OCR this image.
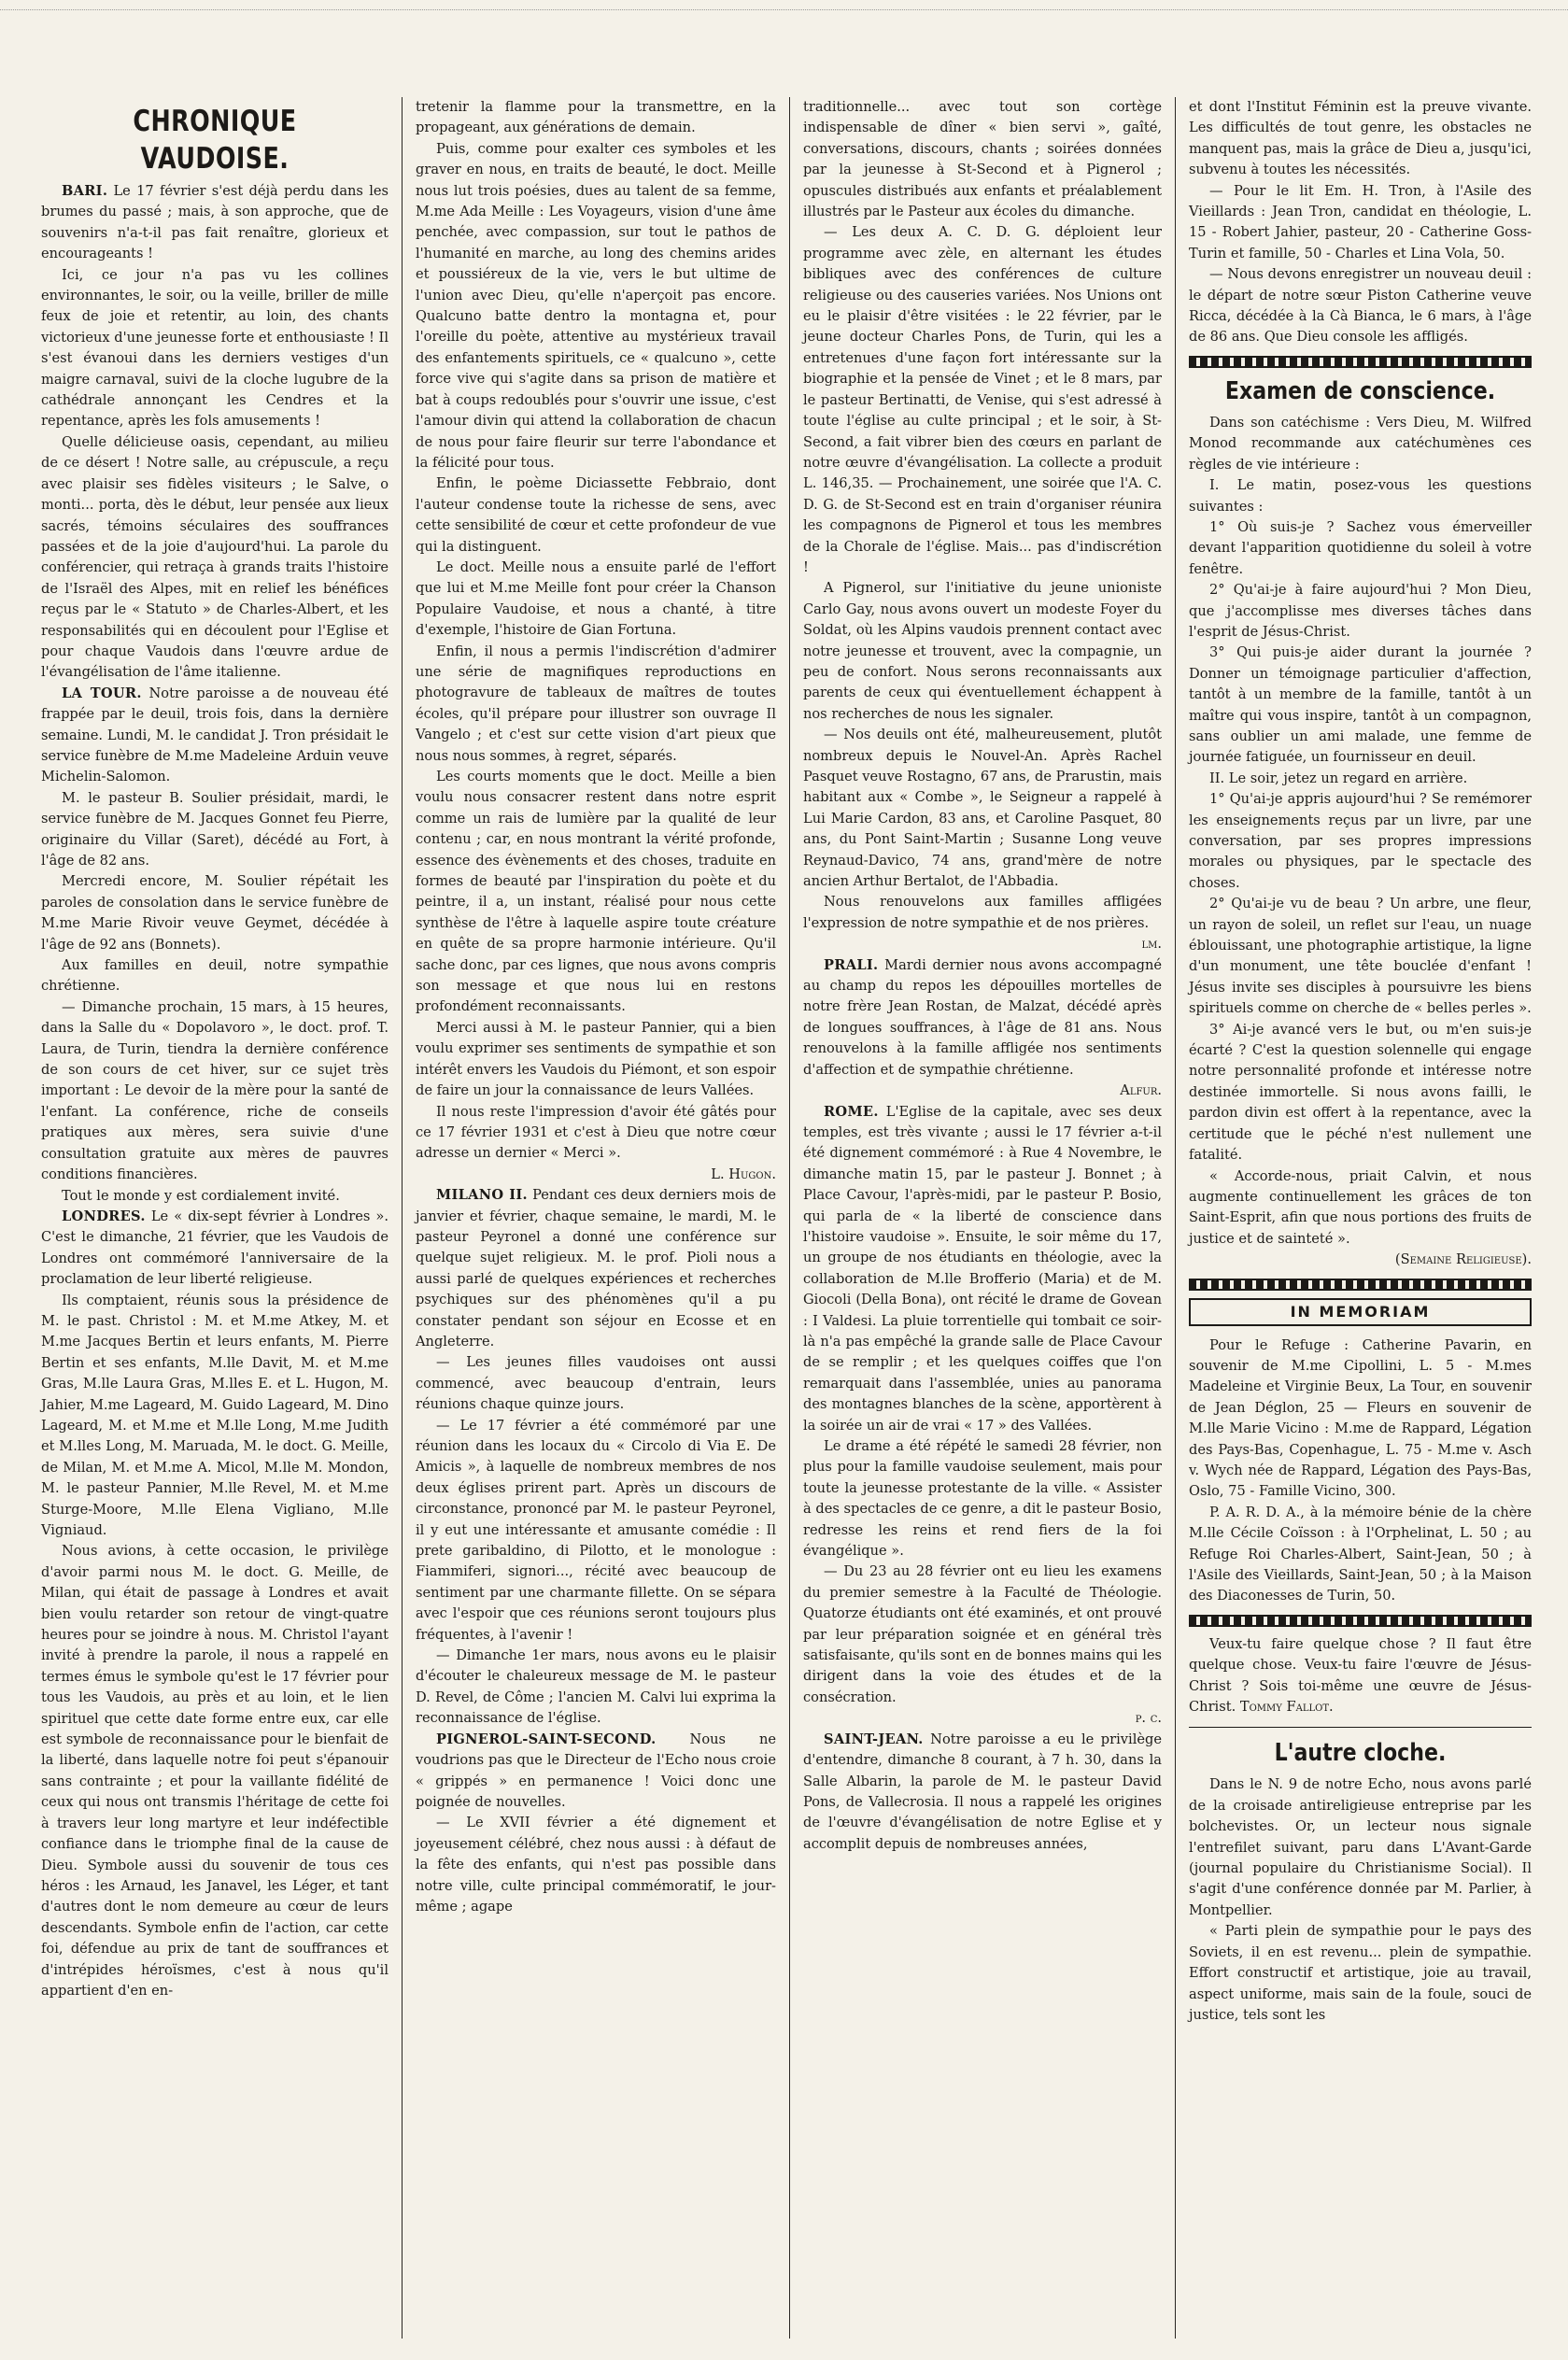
CHRONIQUE VAUDOISE.

BARI. Le 17 février s'est déjà perdu dans les brumes du passé ; mais, à son approche, que de souvenirs n'a-t-il pas fait renaître, glorieux et encourageants !

Ici, ce jour n'a pas vu les collines environnantes, le soir, ou la veille, briller de mille feux de joie et retentir, au loin, des chants victorieux d'une jeunesse forte et enthousiaste ! Il s'est évanoui dans les derniers vestiges d'un maigre carnaval, suivi de la cloche lugubre de la cathédrale annonçant les Cendres et la repentance, après les fols amusements !

Quelle délicieuse oasis, cependant, au milieu de ce désert ! Notre salle, au crépuscule, a reçu avec plaisir ses fidèles visiteurs ; le Salve, o monti... porta, dès le début, leur pensée aux lieux sacrés, témoins séculaires des souffrances passées et de la joie d'aujourd'hui. La parole du conférencier, qui retraça à grands traits l'histoire de l'Israël des Alpes, mit en relief les bénéfices reçus par le « Statuto » de Charles-Albert, et les responsabilités qui en découlent pour l'Eglise et pour chaque Vaudois dans l'œuvre ardue de l'évangélisation de l'âme italienne.

LA TOUR. Notre paroisse a de nouveau été frappée par le deuil, trois fois, dans la dernière semaine. Lundi, M. le candidat J. Tron présidait le service funèbre de M.me Madeleine Arduin veuve Michelin-Salomon.

M. le pasteur B. Soulier présidait, mardi, le service funèbre de M. Jacques Gonnet feu Pierre, originaire du Villar (Saret), décédé au Fort, à l'âge de 82 ans.

Mercredi encore, M. Soulier répétait les paroles de consolation dans le service funèbre de M.me Marie Rivoir veuve Geymet, décédée à l'âge de 92 ans (Bonnets).

Aux familles en deuil, notre sympathie chrétienne.

— Dimanche prochain, 15 mars, à 15 heures, dans la Salle du « Dopolavoro », le doct. prof. T. Laura, de Turin, tiendra la dernière conférence de son cours de cet hiver, sur ce sujet très important : Le devoir de la mère pour la santé de l'enfant. La conférence, riche de conseils pratiques aux mères, sera suivie d'une consultation gratuite aux mères de pauvres conditions financières.

Tout le monde y est cordialement invité.

LONDRES. Le « dix-sept février à Londres ». C'est le dimanche, 21 février, que les Vaudois de Londres ont commémoré l'anniversaire de la proclamation de leur liberté religieuse.

Ils comptaient, réunis sous la présidence de M. le past. Christol : M. et M.me Atkey, M. et M.me Jacques Bertin et leurs enfants, M. Pierre Bertin et ses enfants, M.lle Davit, M. et M.me Gras, M.lle Laura Gras, M.lles E. et L. Hugon, M. Jahier, M.me Lageard, M. Guido Lageard, M. Dino Lageard, M. et M.me et M.lle Long, M.me Judith et M.lles Long, M. Maruada, M. le doct. G. Meille, de Milan, M. et M.me A. Micol, M.lle M. Mondon, M. le pasteur Pannier, M.lle Revel, M. et M.me Sturge-Moore, M.lle Elena Vigliano, M.lle Vigniaud.

Nous avions, à cette occasion, le privilège d'avoir parmi nous M. le doct. G. Meille, de Milan, qui était de passage à Londres et avait bien voulu retarder son retour de vingt-quatre heures pour se joindre à nous. M. Christol l'ayant invité à prendre la parole, il nous a rappelé en termes émus le symbole qu'est le 17 février pour tous les Vaudois, au près et au loin, et le lien spirituel que cette date forme entre eux, car elle est symbole de reconnaissance pour le bienfait de la liberté, dans laquelle notre foi peut s'épanouir sans contrainte ; et pour la vaillante fidélité de ceux qui nous ont transmis l'héritage de cette foi à travers leur long martyre et leur indéfectible confiance dans le triomphe final de la cause de Dieu. Symbole aussi du souvenir de tous ces héros : les Arnaud, les Janavel, les Léger, et tant d'autres dont le nom demeure au cœur de leurs descendants. Symbole enfin de l'action, car cette foi, défendue au prix de tant de souffrances et d'intrépides héroïsmes, c'est à nous qu'il appartient d'en en-

tretenir la flamme pour la transmettre, en la propageant, aux générations de demain.

Puis, comme pour exalter ces symboles et les graver en nous, en traits de beauté, le doct. Meille nous lut trois poésies, dues au talent de sa femme, M.me Ada Meille : Les Voyageurs, vision d'une âme penchée, avec compassion, sur tout le pathos de l'humanité en marche, au long des chemins arides et poussiéreux de la vie, vers le but ultime de l'union avec Dieu, qu'elle n'aperçoit pas encore. Qualcuno batte dentro la montagna et, pour l'oreille du poète, attentive au mystérieux travail des enfantements spirituels, ce « qualcuno », cette force vive qui s'agite dans sa prison de matière et bat à coups redoublés pour s'ouvrir une issue, c'est l'amour divin qui attend la collaboration de chacun de nous pour faire fleurir sur terre l'abondance et la félicité pour tous.

Enfin, le poème Diciassette Febbraio, dont l'auteur condense toute la richesse de sens, avec cette sensibilité de cœur et cette profondeur de vue qui la distinguent.

Le doct. Meille nous a ensuite parlé de l'effort que lui et M.me Meille font pour créer la Chanson Populaire Vaudoise, et nous a chanté, à titre d'exemple, l'histoire de Gian Fortuna.

Enfin, il nous a permis l'indiscrétion d'admirer une série de magnifiques reproductions en photogravure de tableaux de maîtres de toutes écoles, qu'il prépare pour illustrer son ouvrage Il Vangelo ; et c'est sur cette vision d'art pieux que nous nous sommes, à regret, séparés.

Les courts moments que le doct. Meille a bien voulu nous consacrer restent dans notre esprit comme un rais de lumière par la qualité de leur contenu ; car, en nous montrant la vérité profonde, essence des évènements et des choses, traduite en formes de beauté par l'inspiration du poète et du peintre, il a, un instant, réalisé pour nous cette synthèse de l'être à laquelle aspire toute créature en quête de sa propre harmonie intérieure. Qu'il sache donc, par ces lignes, que nous avons compris son message et que nous lui en restons profondément reconnaissants.

Merci aussi à M. le pasteur Pannier, qui a bien voulu exprimer ses sentiments de sympathie et son intérêt envers les Vaudois du Piémont, et son espoir de faire un jour la connaissance de leurs Vallées.

Il nous reste l'impression d'avoir été gâtés pour ce 17 février 1931 et c'est à Dieu que notre cœur adresse un dernier « Merci ».

L. Hugon.

MILANO II. Pendant ces deux derniers mois de janvier et février, chaque semaine, le mardi, M. le pasteur Peyronel a donné une conférence sur quelque sujet religieux. M. le prof. Pioli nous a aussi parlé de quelques expériences et recherches psychiques sur des phénomènes qu'il a pu constater pendant son séjour en Ecosse et en Angleterre.

— Les jeunes filles vaudoises ont aussi commencé, avec beaucoup d'entrain, leurs réunions chaque quinze jours.

— Le 17 février a été commémoré par une réunion dans les locaux du « Circolo di Via E. De Amicis », à laquelle de nombreux membres de nos deux églises prirent part. Après un discours de circonstance, prononcé par M. le pasteur Peyronel, il y eut une intéressante et amusante comédie : Il prete garibaldino, di Pilotto, et le monologue : Fiammiferi, signori..., récité avec beaucoup de sentiment par une charmante fillette. On se sépara avec l'espoir que ces réunions seront toujours plus fréquentes, à l'avenir !

— Dimanche 1er mars, nous avons eu le plaisir d'écouter le chaleureux message de M. le pasteur D. Revel, de Côme ; l'ancien M. Calvi lui exprima la reconnaissance de l'église.

PIGNEROL-SAINT-SECOND. Nous ne voudrions pas que le Directeur de l'Echo nous croie « grippés » en permanence ! Voici donc une poignée de nouvelles.

— Le XVII février a été dignement et joyeusement célébré, chez nous aussi : à défaut de la fête des enfants, qui n'est pas possible dans notre ville, culte principal commémoratif, le jour-même ; agape

traditionnelle... avec tout son cortège indispensable de dîner « bien servi », gaîté, conversations, discours, chants ; soirées données par la jeunesse à St-Second et à Pignerol ; opuscules distribués aux enfants et préalablement illustrés par le Pasteur aux écoles du dimanche.

— Les deux A. C. D. G. déploient leur programme avec zèle, en alternant les études bibliques avec des conférences de culture religieuse ou des causeries variées. Nos Unions ont eu le plaisir d'être visitées : le 22 février, par le jeune docteur Charles Pons, de Turin, qui les a entretenues d'une façon fort intéressante sur la biographie et la pensée de Vinet ; et le 8 mars, par le pasteur Bertinatti, de Venise, qui s'est adressé à toute l'église au culte principal ; et le soir, à St-Second, a fait vibrer bien des cœurs en parlant de notre œuvre d'évangélisation. La collecte a produit L. 146,35. — Prochainement, une soirée que l'A. C. D. G. de St-Second est en train d'organiser réunira les compagnons de Pignerol et tous les membres de la Chorale de l'église. Mais... pas d'indiscrétion !

A Pignerol, sur l'initiative du jeune unioniste Carlo Gay, nous avons ouvert un modeste Foyer du Soldat, où les Alpins vaudois prennent contact avec notre jeunesse et trouvent, avec la compagnie, un peu de confort. Nous serons reconnaissants aux parents de ceux qui éventuellement échappent à nos recherches de nous les signaler.

— Nos deuils ont été, malheureusement, plutôt nombreux depuis le Nouvel-An. Après Rachel Pasquet veuve Rostagno, 67 ans, de Prarustin, mais habitant aux « Combe », le Seigneur a rappelé à Lui Marie Cardon, 83 ans, et Caroline Pasquet, 80 ans, du Pont Saint-Martin ; Susanne Long veuve Reynaud-Davico, 74 ans, grand'mère de notre ancien Arthur Bertalot, de l'Abbadia.

Nous renouvelons aux familles affligées l'expression de notre sympathie et de nos prières.

lm.

PRALI. Mardi dernier nous avons accompagné au champ du repos les dépouilles mortelles de notre frère Jean Rostan, de Malzat, décédé après de longues souffrances, à l'âge de 81 ans. Nous renouvelons à la famille affligée nos sentiments d'affection et de sympathie chrétienne.

Alfur.

ROME. L'Eglise de la capitale, avec ses deux temples, est très vivante ; aussi le 17 février a-t-il été dignement commémoré : à Rue 4 Novembre, le dimanche matin 15, par le pasteur J. Bonnet ; à Place Cavour, l'après-midi, par le pasteur P. Bosio, qui parla de « la liberté de conscience dans l'histoire vaudoise ». Ensuite, le soir même du 17, un groupe de nos étudiants en théologie, avec la collaboration de M.lle Brofferio (Maria) et de M. Giocoli (Della Bona), ont récité le drame de Govean : I Valdesi. La pluie torrentielle qui tombait ce soir-là n'a pas empêché la grande salle de Place Cavour de se remplir ; et les quelques coiffes que l'on remarquait dans l'assemblée, unies au panorama des montagnes blanches de la scène, apportèrent à la soirée un air de vrai « 17 » des Vallées.

Le drame a été répété le samedi 28 février, non plus pour la famille vaudoise seulement, mais pour toute la jeunesse protestante de la ville. « Assister à des spectacles de ce genre, a dit le pasteur Bosio, redresse les reins et rend fiers de la foi évangélique ».

— Du 23 au 28 février ont eu lieu les examens du premier semestre à la Faculté de Théologie. Quatorze étudiants ont été examinés, et ont prouvé par leur préparation soignée et en général très satisfaisante, qu'ils sont en de bonnes mains qui les dirigent dans la voie des études et de la consécration.

p. c.

SAINT-JEAN. Notre paroisse a eu le privilège d'entendre, dimanche 8 courant, à 7 h. 30, dans la Salle Albarin, la parole de M. le pasteur David Pons, de Vallecrosia. Il nous a rappelé les origines de l'œuvre d'évangélisation de notre Eglise et y accomplit depuis de nombreuses années,

et dont l'Institut Féminin est la preuve vivante. Les difficultés de tout genre, les obstacles ne manquent pas, mais la grâce de Dieu a, jusqu'ici, subvenu à toutes les nécessités.

— Pour le lit Em. H. Tron, à l'Asile des Vieillards : Jean Tron, candidat en théologie, L. 15 - Robert Jahier, pasteur, 20 - Catherine Goss-Turin et famille, 50 - Charles et Lina Vola, 50.

— Nous devons enregistrer un nouveau deuil : le départ de notre sœur Piston Catherine veuve Ricca, décédée à la Cà Bianca, le 6 mars, à l'âge de 86 ans. Que Dieu console les affligés.

Examen de conscience.

Dans son catéchisme : Vers Dieu, M. Wilfred Monod recommande aux catéchumènes ces règles de vie intérieure :

I. Le matin, posez-vous les questions suivantes :

1° Où suis-je ? Sachez vous émerveiller devant l'apparition quotidienne du soleil à votre fenêtre.

2° Qu'ai-je à faire aujourd'hui ? Mon Dieu, que j'accomplisse mes diverses tâches dans l'esprit de Jésus-Christ.

3° Qui puis-je aider durant la journée ? Donner un témoignage particulier d'affection, tantôt à un membre de la famille, tantôt à un maître qui vous inspire, tantôt à un compagnon, sans oublier un ami malade, une femme de journée fatiguée, un fournisseur en deuil.

II. Le soir, jetez un regard en arrière.

1° Qu'ai-je appris aujourd'hui ? Se remémorer les enseignements reçus par un livre, par une conversation, par ses propres impressions morales ou physiques, par le spectacle des choses.

2° Qu'ai-je vu de beau ? Un arbre, une fleur, un rayon de soleil, un reflet sur l'eau, un nuage éblouissant, une photographie artistique, la ligne d'un monument, une tête bouclée d'enfant ! Jésus invite ses disciples à poursuivre les biens spirituels comme on cherche de « belles perles ».

3° Ai-je avancé vers le but, ou m'en suis-je écarté ? C'est la question solennelle qui engage notre personnalité profonde et intéresse notre destinée immortelle. Si nous avons failli, le pardon divin est offert à la repentance, avec la certitude que le péché n'est nullement une fatalité.

« Accorde-nous, priait Calvin, et nous augmente continuellement les grâces de ton Saint-Esprit, afin que nous portions des fruits de justice et de sainteté ».

(Semaine Religieuse).
IN MEMORIAM

Pour le Refuge : Catherine Pavarin, en souvenir de M.me Cipollini, L. 5 - M.mes Madeleine et Virginie Beux, La Tour, en souvenir de Jean Déglon, 25 — Fleurs en souvenir de M.lle Marie Vicino : M.me de Rappard, Légation des Pays-Bas, Copenhague, L. 75 - M.me v. Asch v. Wych née de Rappard, Légation des Pays-Bas, Oslo, 75 - Famille Vicino, 300.

P. A. R. D. A., à la mémoire bénie de la chère M.lle Cécile Coïsson : à l'Orphelinat, L. 50 ; au Refuge Roi Charles-Albert, Saint-Jean, 50 ; à l'Asile des Vieillards, Saint-Jean, 50 ; à la Maison des Diaconesses de Turin, 50.

Veux-tu faire quelque chose ? Il faut être quelque chose. Veux-tu faire l'œuvre de Jésus-Christ ? Sois toi-même une œuvre de Jésus-Christ. Tommy Fallot.

L'autre cloche.

Dans le N. 9 de notre Echo, nous avons parlé de la croisade antireligieuse entreprise par les bolchevistes. Or, un lecteur nous signale l'entrefilet suivant, paru dans L'Avant-Garde (journal populaire du Christianisme Social). Il s'agit d'une conférence donnée par M. Parlier, à Montpellier.

« Parti plein de sympathie pour le pays des Soviets, il en est revenu... plein de sympathie. Effort constructif et artistique, joie au travail, aspect uniforme, mais sain de la foule, souci de justice, tels sont les
